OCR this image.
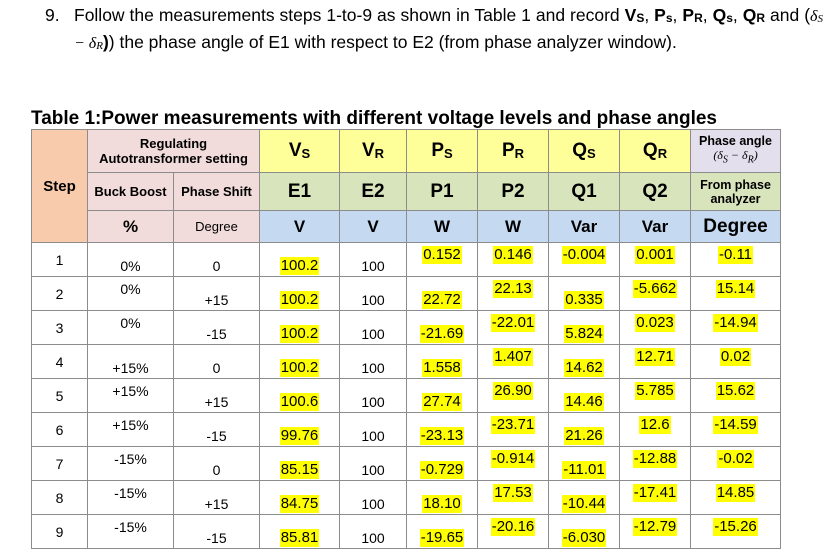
9. Follow the measurements steps 1-to-9 as shown in Table 1 and record VS, Ps, PR, Qs, QR and (δS − δR)) the phase angle of E1 with respect to E2 (from phase analyzer window).
Table 1:Power measurements with different voltage levels and phase angles
Step	Regulating Autotransformer setting		VS	VR	PS	PR	QS	QR	Phase angle
$(\delta_S - \delta_R)$

	Buck Boost	Phase Shift	E1	E2	P1	P2	Q1	Q2	From phase analyzer
	%	Degree	V	V	W	W	Var	Var	Degree
1	0%	0	100.2	100	0.152	0.146	-0.004	0.001	-0.11
2	0%	+15	100.2	100	22.72	22.13	0.335	-5.662	15.14
3	0%	-15	100.2	100	-21.69	-22.01	5.824	0.023	-14.94
4	+15%	0	100.2	100	1.558	1.407	14.62	12.71	0.02
5	+15%	+15	100.6	100	27.74	26.90	14.46	5.785	15.62
6	+15%	-15	99.76	100	-23.13	-23.71	21.26	12.6	-14.59
7	-15%	0	85.15	100	-0.729	-0.914	-11.01	-12.88	-0.02
8	-15%	+15	84.75	100	18.10	17.53	-10.44	-17.41	14.85
9	-15%	-15	85.81	100	-19.65	-20.16	-6.030	-12.79	-15.26
